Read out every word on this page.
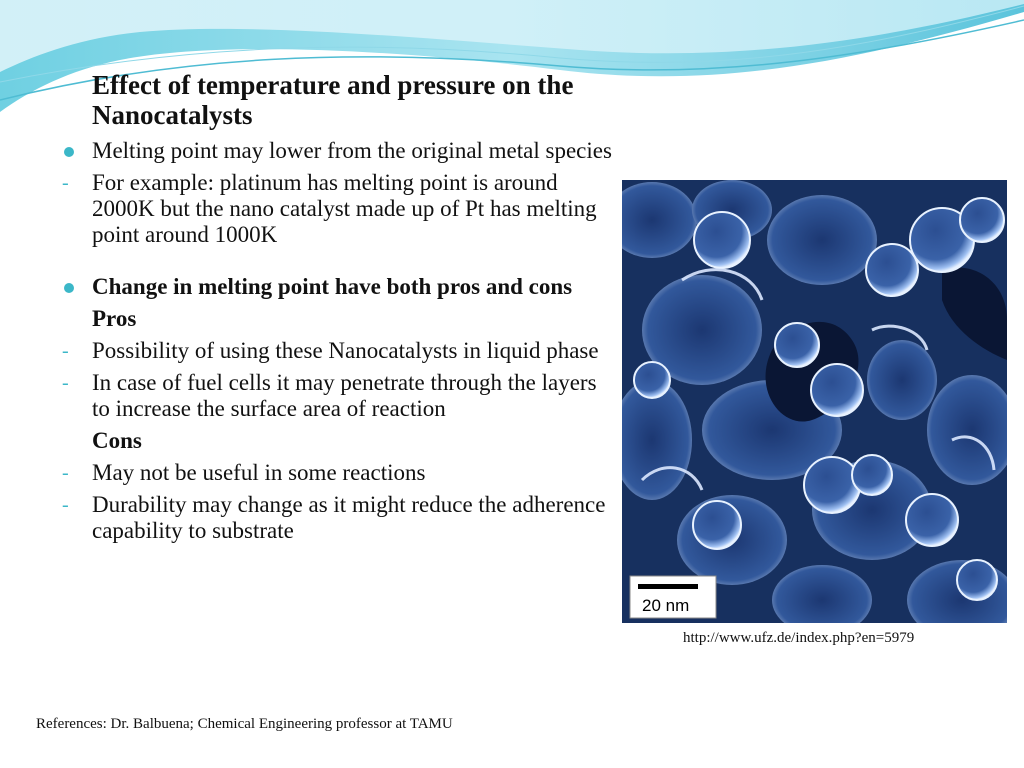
Effect of temperature and pressure on the Nanocatalysts
Melting point may lower from the original metal species
-	For example: platinum has melting point is around 2000K but the nano catalyst made up of Pt has melting point around 1000K
Change in melting point have both pros and cons
Pros
-	Possibility of using these Nanocatalysts in liquid phase
-	In case of fuel cells it may penetrate through the layers to increase the surface area of reaction
Cons
-	May not be useful in some reactions
-	Durability may change as it might reduce the adherence capability to substrate
20 nm
http://www.ufz.de/index.php?en=5979
References: Dr. Balbuena; Chemical Engineering professor at TAMU
